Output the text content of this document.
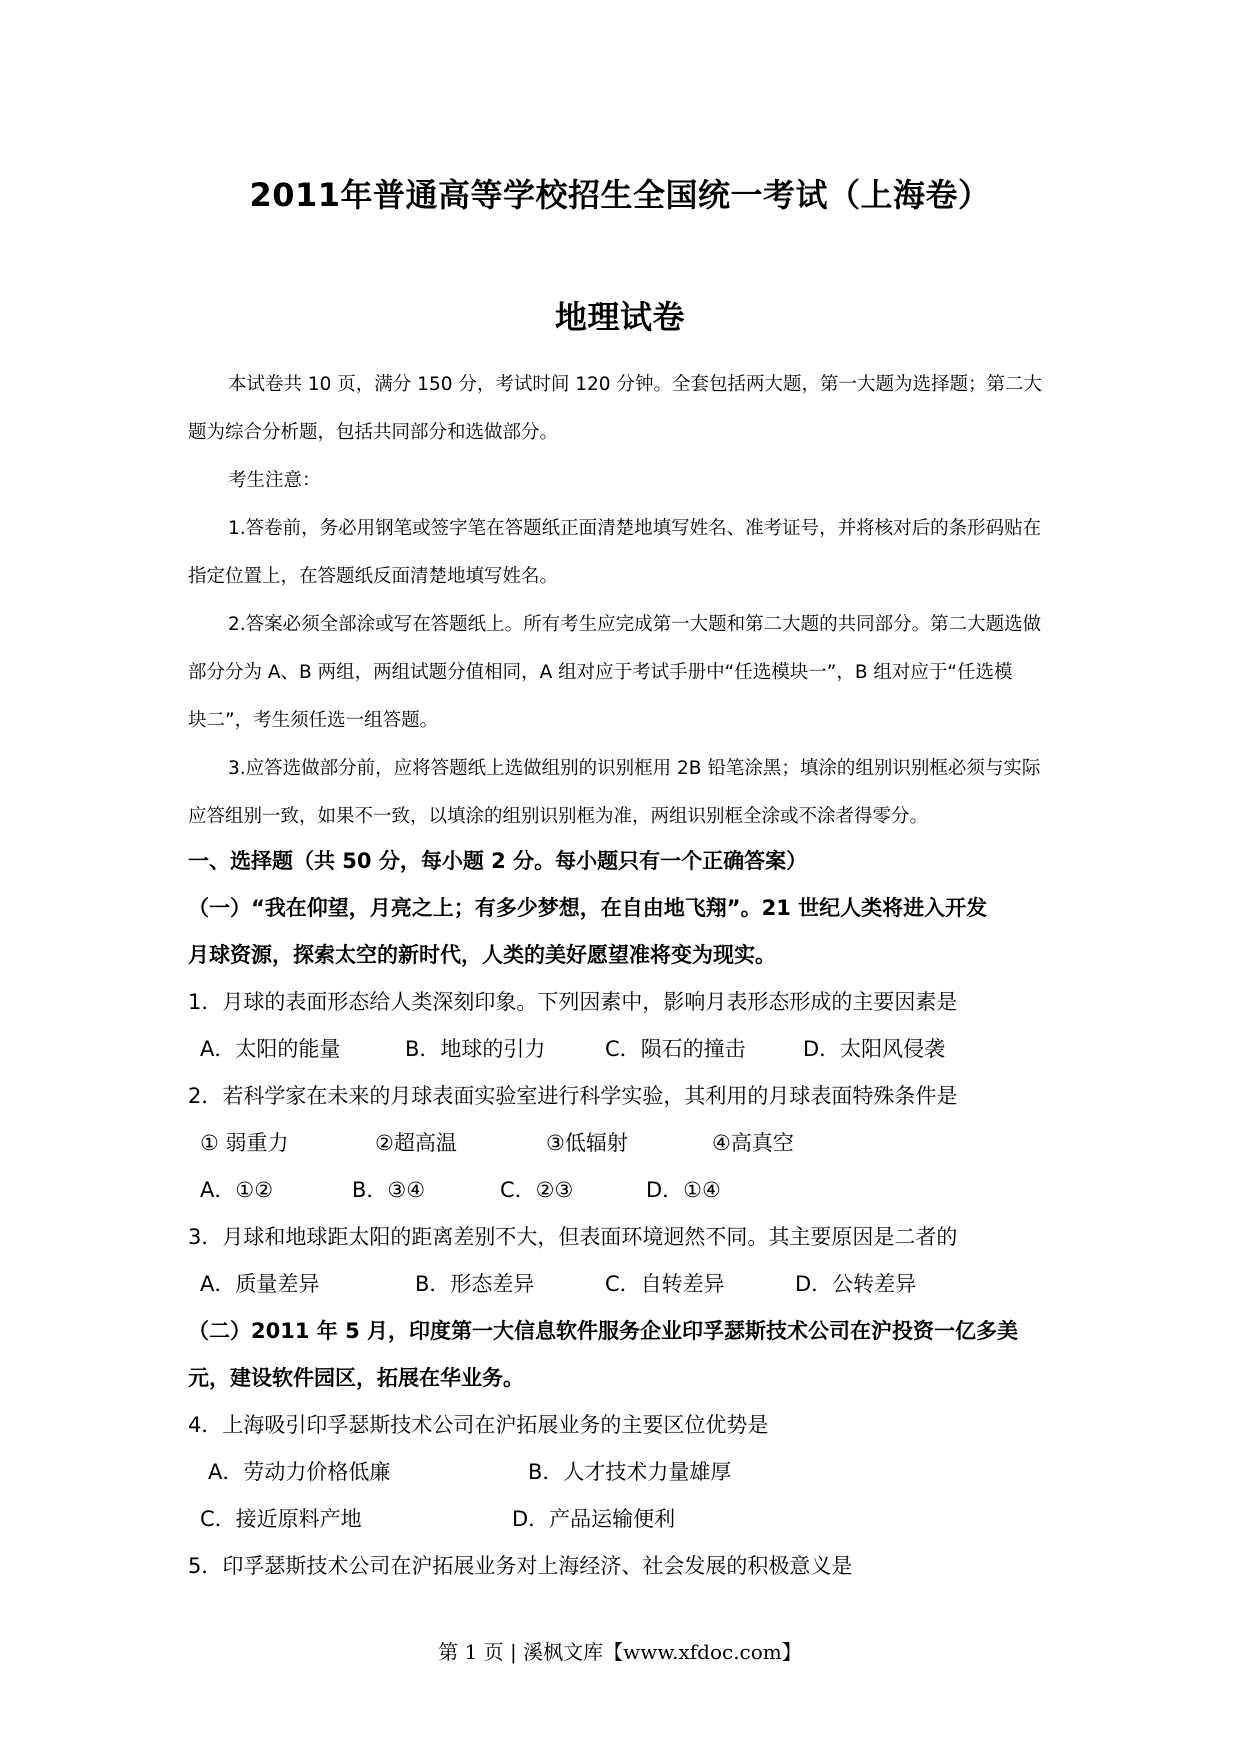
2011年普通高等学校招生全国统一考试（上海卷）
地理试卷
本试卷共 10 页，满分 150 分，考试时间 120 分钟。全套包括两大题，第一大题为选择题；第二大
题为综合分析题，包括共同部分和选做部分。
考生注意：
1.答卷前，务必用钢笔或签字笔在答题纸正面清楚地填写姓名、准考证号，并将核对后的条形码贴在
指定位置上，在答题纸反面清楚地填写姓名。
2.答案必须全部涂或写在答题纸上。所有考生应完成第一大题和第二大题的共同部分。第二大题选做
部分分为 A、B 两组，两组试题分值相同，A 组对应于考试手册中“任选模块一”，B 组对应于“任选模
块二”，考生须任选一组答题。
3.应答选做部分前，应将答题纸上选做组别的识别框用 2B 铅笔涂黑；填涂的组别识别框必须与实际
应答组别一致，如果不一致，以填涂的组别识别框为准，两组识别框全涂或不涂者得零分。
一、选择题（共 50 分，每小题 2 分。每小题只有一个正确答案）
（一）“我在仰望，月亮之上；有多少梦想，在自由地飞翔”。21 世纪人类将进入开发
月球资源，探索太空的新时代，人类的美好愿望准将变为现实。
1．月球的表面形态给人类深刻印象。下列因素中，影响月表形态形成的主要因素是
A．太阳的能量	B．地球的引力	C．陨石的撞击	D．太阳风侵袭
2．若科学家在未来的月球表面实验室进行科学实验，其利用的月球表面特殊条件是
① 弱重力	②超高温	③低辐射	④高真空
A．①②	B．③④	C．②③	D．①④
3．月球和地球距太阳的距离差别不大，但表面环境迥然不同。其主要原因是二者的
A．质量差异	B．形态差异	C．自转差异	D．公转差异
（二）2011 年 5 月，印度第一大信息软件服务企业印孚瑟斯技术公司在沪投资一亿多美
元，建设软件园区，拓展在华业务。
4．上海吸引印孚瑟斯技术公司在沪拓展业务的主要区位优势是
A．劳动力价格低廉	B．人才技术力量雄厚
C．接近原料产地	D．产品运输便利
5．印孚瑟斯技术公司在沪拓展业务对上海经济、社会发展的积极意义是
第 1 页 | 溪枫文库【www.xfdoc.com】
